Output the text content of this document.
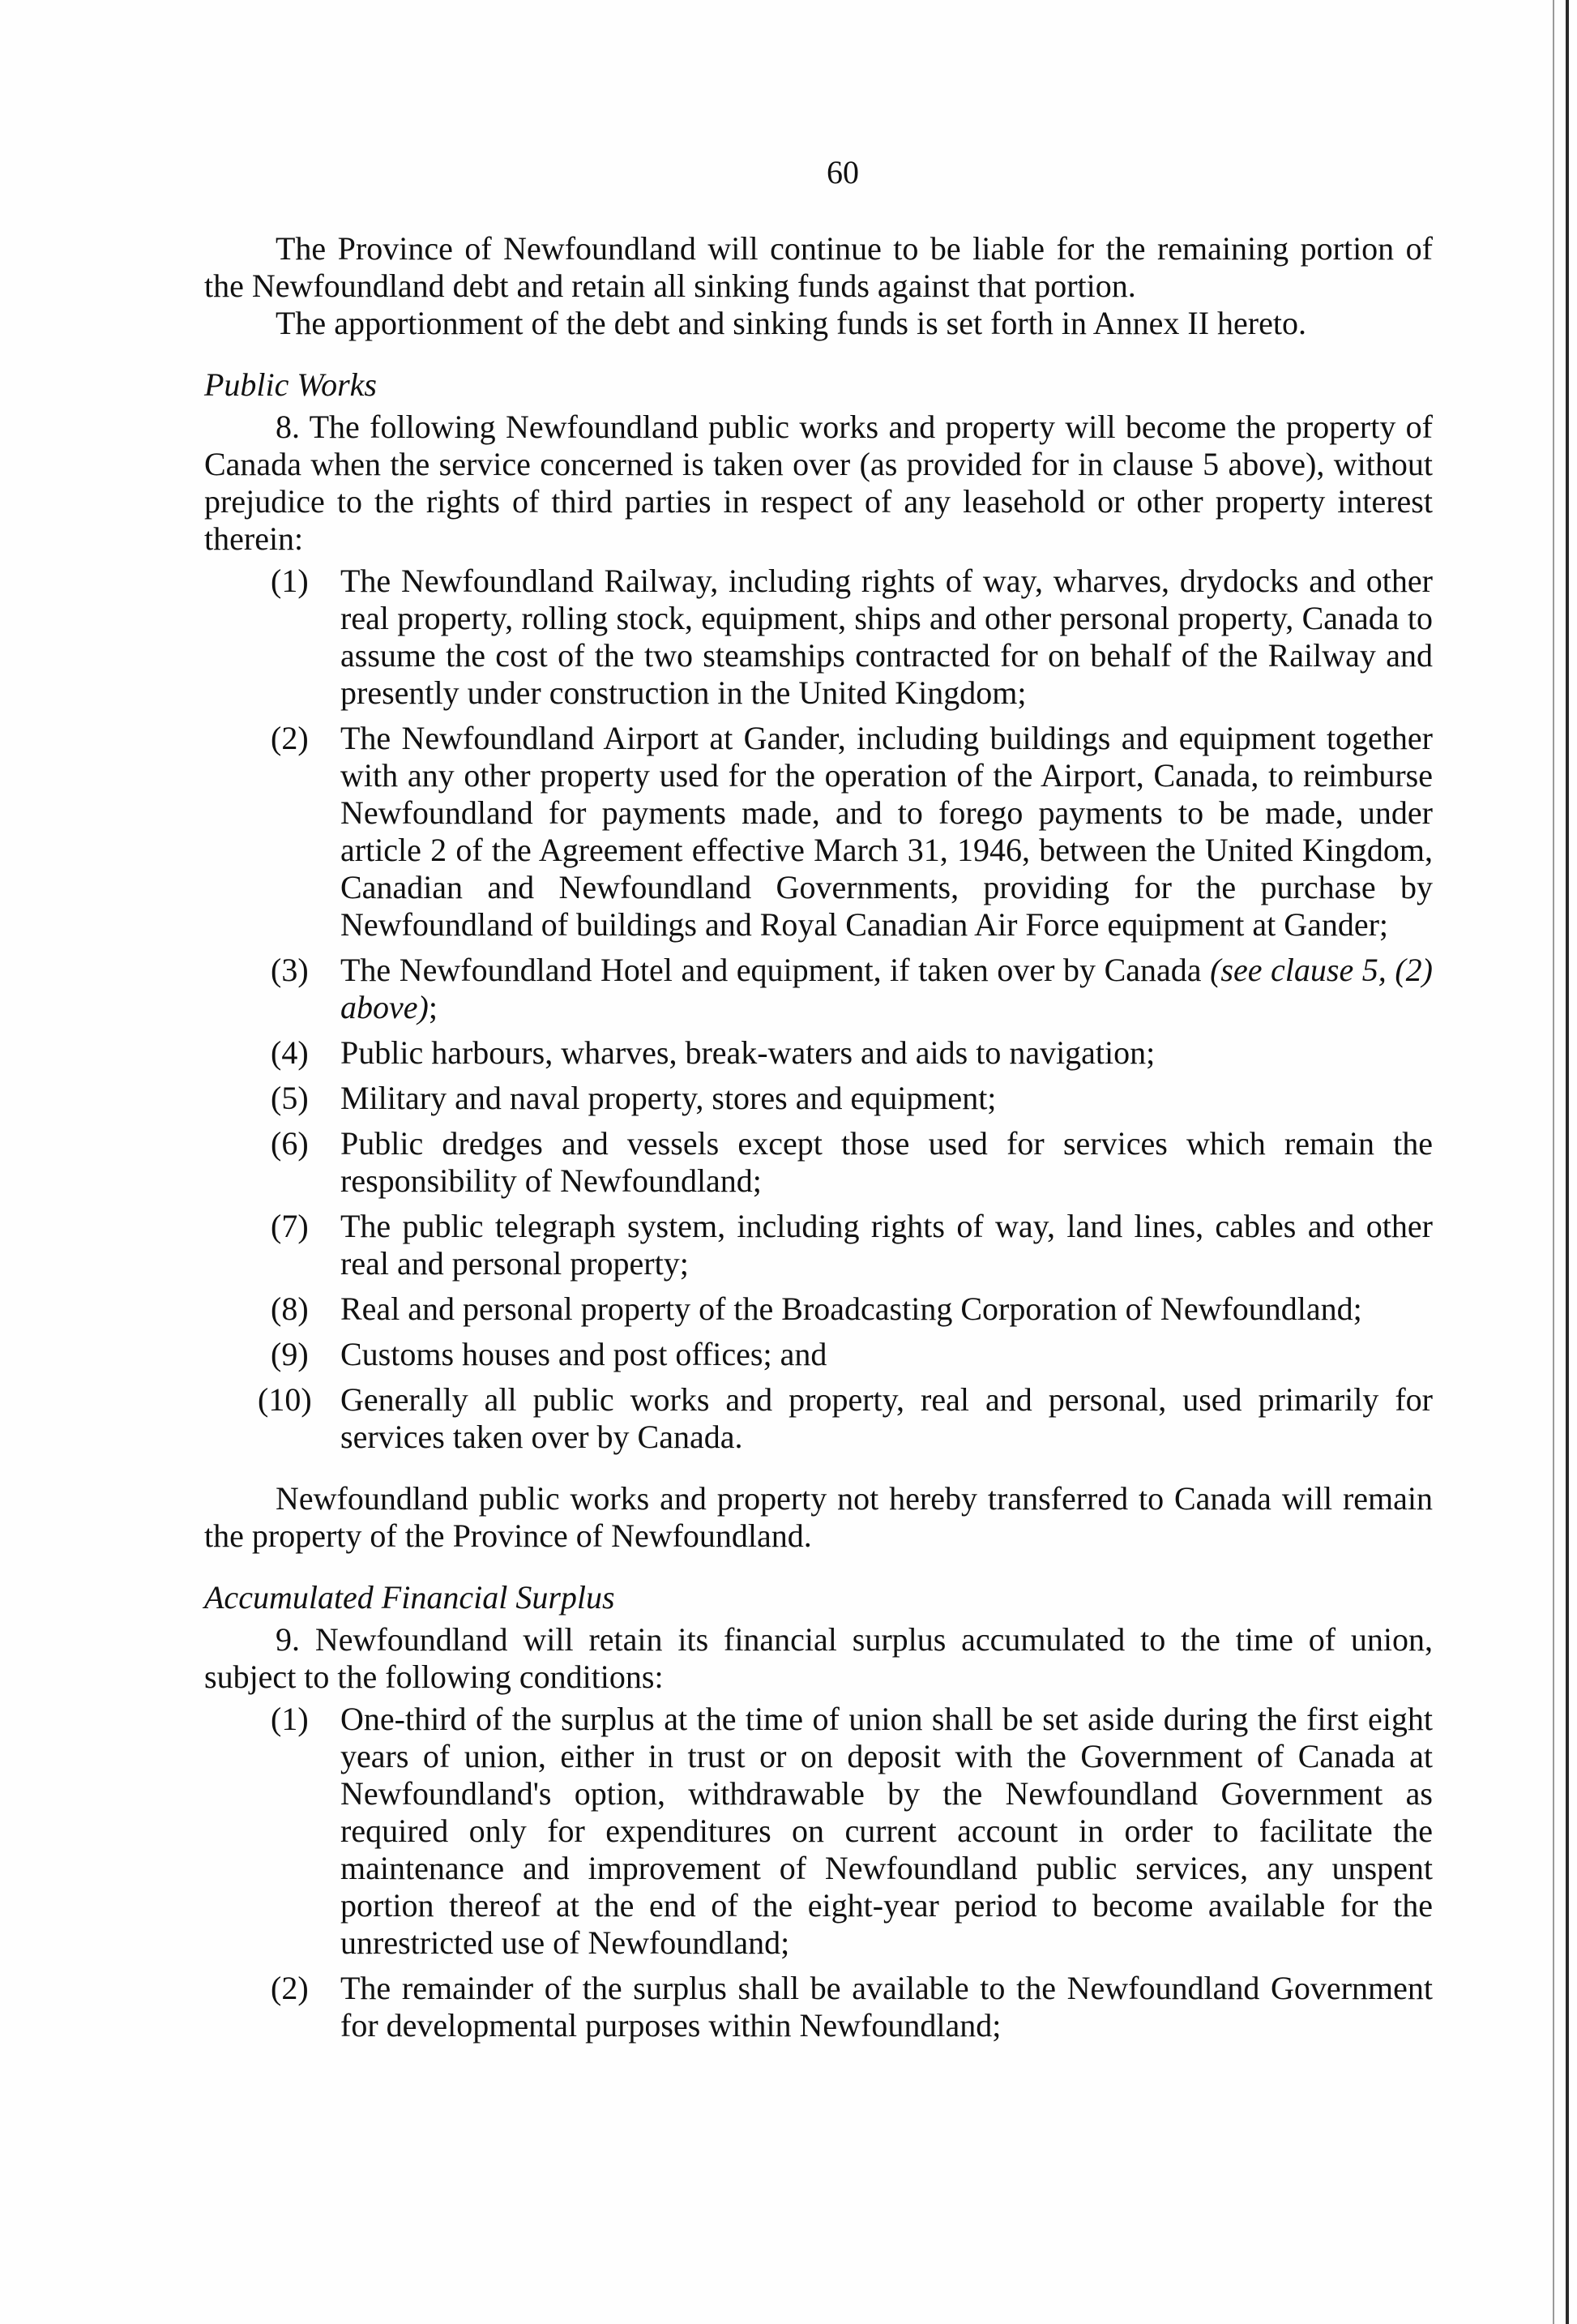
60

The Province of Newfoundland will continue to be liable for the remaining portion of the Newfoundland debt and retain all sinking funds against that portion.

The apportionment of the debt and sinking funds is set forth in Annex II hereto.

Public Works

8. The following Newfoundland public works and property will become the property of Canada when the service concerned is taken over (as provided for in clause 5 above), without prejudice to the rights of third parties in respect of any leasehold or other property interest therein:

(1) The Newfoundland Railway, including rights of way, wharves, drydocks and other real property, rolling stock, equipment, ships and other personal property, Canada to assume the cost of the two steamships contracted for on behalf of the Railway and presently under construction in the United Kingdom;
(2) The Newfoundland Airport at Gander, including buildings and equipment together with any other property used for the operation of the Airport, Canada, to reimburse Newfoundland for payments made, and to forego payments to be made, under article 2 of the Agreement effective March 31, 1946, between the United Kingdom, Canadian and Newfoundland Governments, providing for the purchase by Newfoundland of buildings and Royal Canadian Air Force equipment at Gander;
(3) The Newfoundland Hotel and equipment, if taken over by Canada (see clause 5, (2) above);
(4) Public harbours, wharves, break-waters and aids to navigation;
(5) Military and naval property, stores and equipment;
(6) Public dredges and vessels except those used for services which remain the responsibility of Newfoundland;
(7) The public telegraph system, including rights of way, land lines, cables and other real and personal property;
(8) Real and personal property of the Broadcasting Corporation of Newfoundland;
(9) Customs houses and post offices; and
(10) Generally all public works and property, real and personal, used primarily for services taken over by Canada.

Newfoundland public works and property not hereby transferred to Canada will remain the property of the Province of Newfoundland.

Accumulated Financial Surplus

9. Newfoundland will retain its financial surplus accumulated to the time of union, subject to the following conditions:

(1) One-third of the surplus at the time of union shall be set aside during the first eight years of union, either in trust or on deposit with the Government of Canada at Newfoundland's option, withdrawable by the Newfoundland Government as required only for expenditures on current account in order to facilitate the maintenance and improvement of Newfoundland public services, any unspent portion thereof at the end of the eight-year period to become available for the unrestricted use of Newfoundland;
(2) The remainder of the surplus shall be available to the Newfoundland Government for developmental purposes within Newfoundland;
